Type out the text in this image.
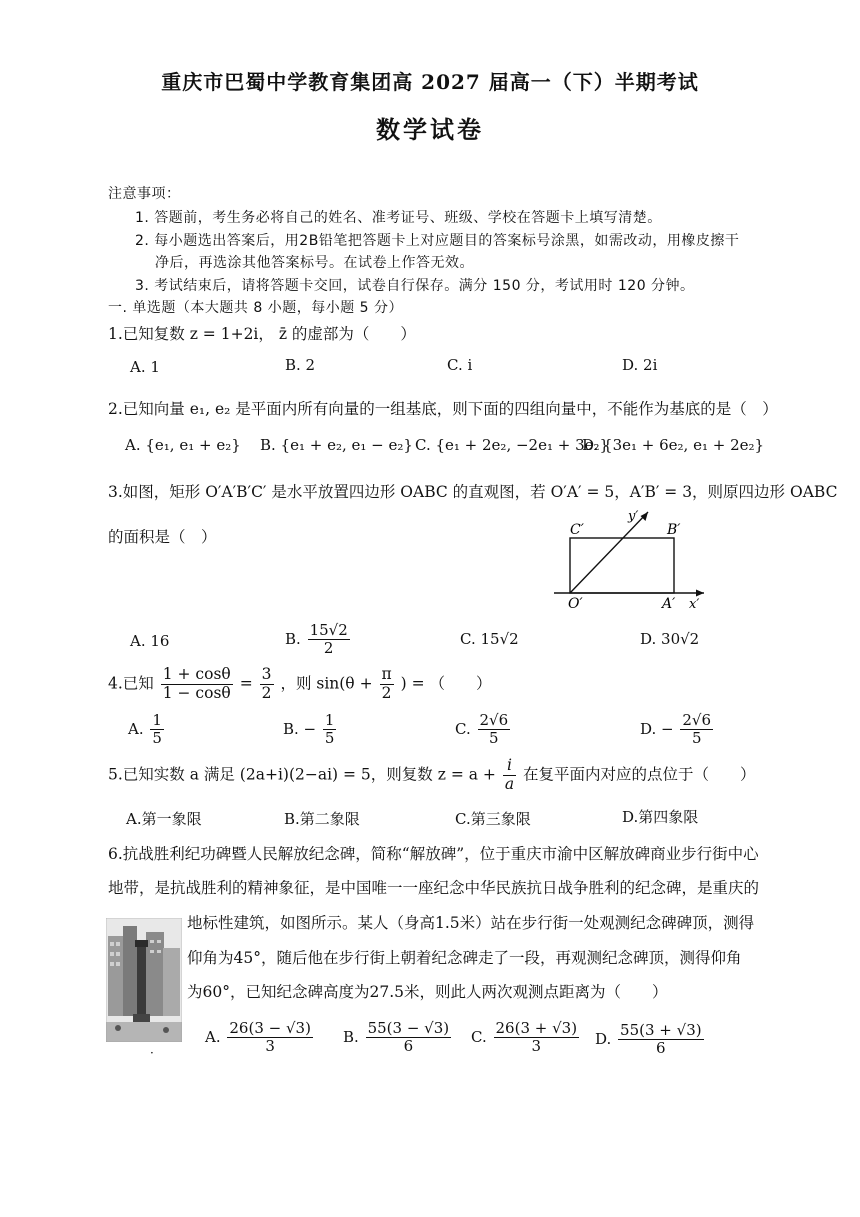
重庆市巴蜀中学教育集团高 2027 届高一（下）半期考试
数学试卷
注意事项：
1. 答题前，考生务必将自己的姓名、准考证号、班级、学校在答题卡上填写清楚。
2. 每小题选出答案后，用2B铅笔把答题卡上对应题目的答案标号涂黑，如需改动，用橡皮擦干
净后，再选涂其他答案标号。在试卷上作答无效。
3. 考试结束后，请将答题卡交回，试卷自行保存。满分 150 分，考试用时 120 分钟。
一. 单选题（本大题共 8 小题，每小题 5 分）
1.已知复数 z = 1+2i， z̄ 的虚部为（　　）
A. 1	B. 2	C. i	D. 2i
2.已知向量 e₁, e₂ 是平面内所有向量的一组基底，则下面的四组向量中，不能作为基底的是（　）
A. {e₁, e₁ + e₂} B. {e₁ + e₂, e₁ − e₂} C. {e₁ + 2e₂, −2e₁ + 3e₂}
D. {3e₁ + 6e₂, e₁ + 2e₂}
3.如图，矩形 O′A′B′C′ 是水平放置四边形 OABC 的直观图，若 O′A′ = 5，A′B′ = 3，则原四边形 OABC
的面积是（　）	C′	B′
O′	A′ x′
y′
A. 16	B. $\frac{15√2}{2}$	C. 15√2	D. 30√2
4.已知 $\frac{1 + \cos\theta}{1 - \cos\theta} = \frac{3}{2}$ ，则 $\sin(\theta + \frac{\pi}{2}$ ) = （　　）
A. $\frac{1}{5}$	B. − $\frac{1}{5}$	C. $\frac{2√6}{5}$	D. − $\frac{2√6}{5}$
5.已知实数 a 满足 (2a+i)(2−ai) = 5，则复数 $z = a + \frac{i}{a}$ 在复平面内对应的点位于（　　）
A.第一象限	B.第二象限	C.第三象限	D.第四象限
6.抗战胜利纪功碑暨人民解放纪念碑，简称“解放碑”，位于重庆市渝中区解放碑商业步行街中心
地带，是抗战胜利的精神象征，是中国唯一一座纪念中华民族抗日战争胜利的纪念碑，是重庆的
地标性建筑，如图所示。某人（身高1.5米）站在步行街一处观测纪念碑碑顶，测得
仰角为45°，随后他在步行街上朝着纪念碑走了一段，再观测纪念碑顶，测得仰角
为60°，已知纪念碑高度为27.5米，则此人两次观测点距离为（　　）
·
A. $\frac{26(3 - √3)}{3} B$. $\frac{55(3 - √3)}{6} C$. $\frac{26(3 + √3)}{3} D$. $\frac{55(3 + √3)}{6}$
